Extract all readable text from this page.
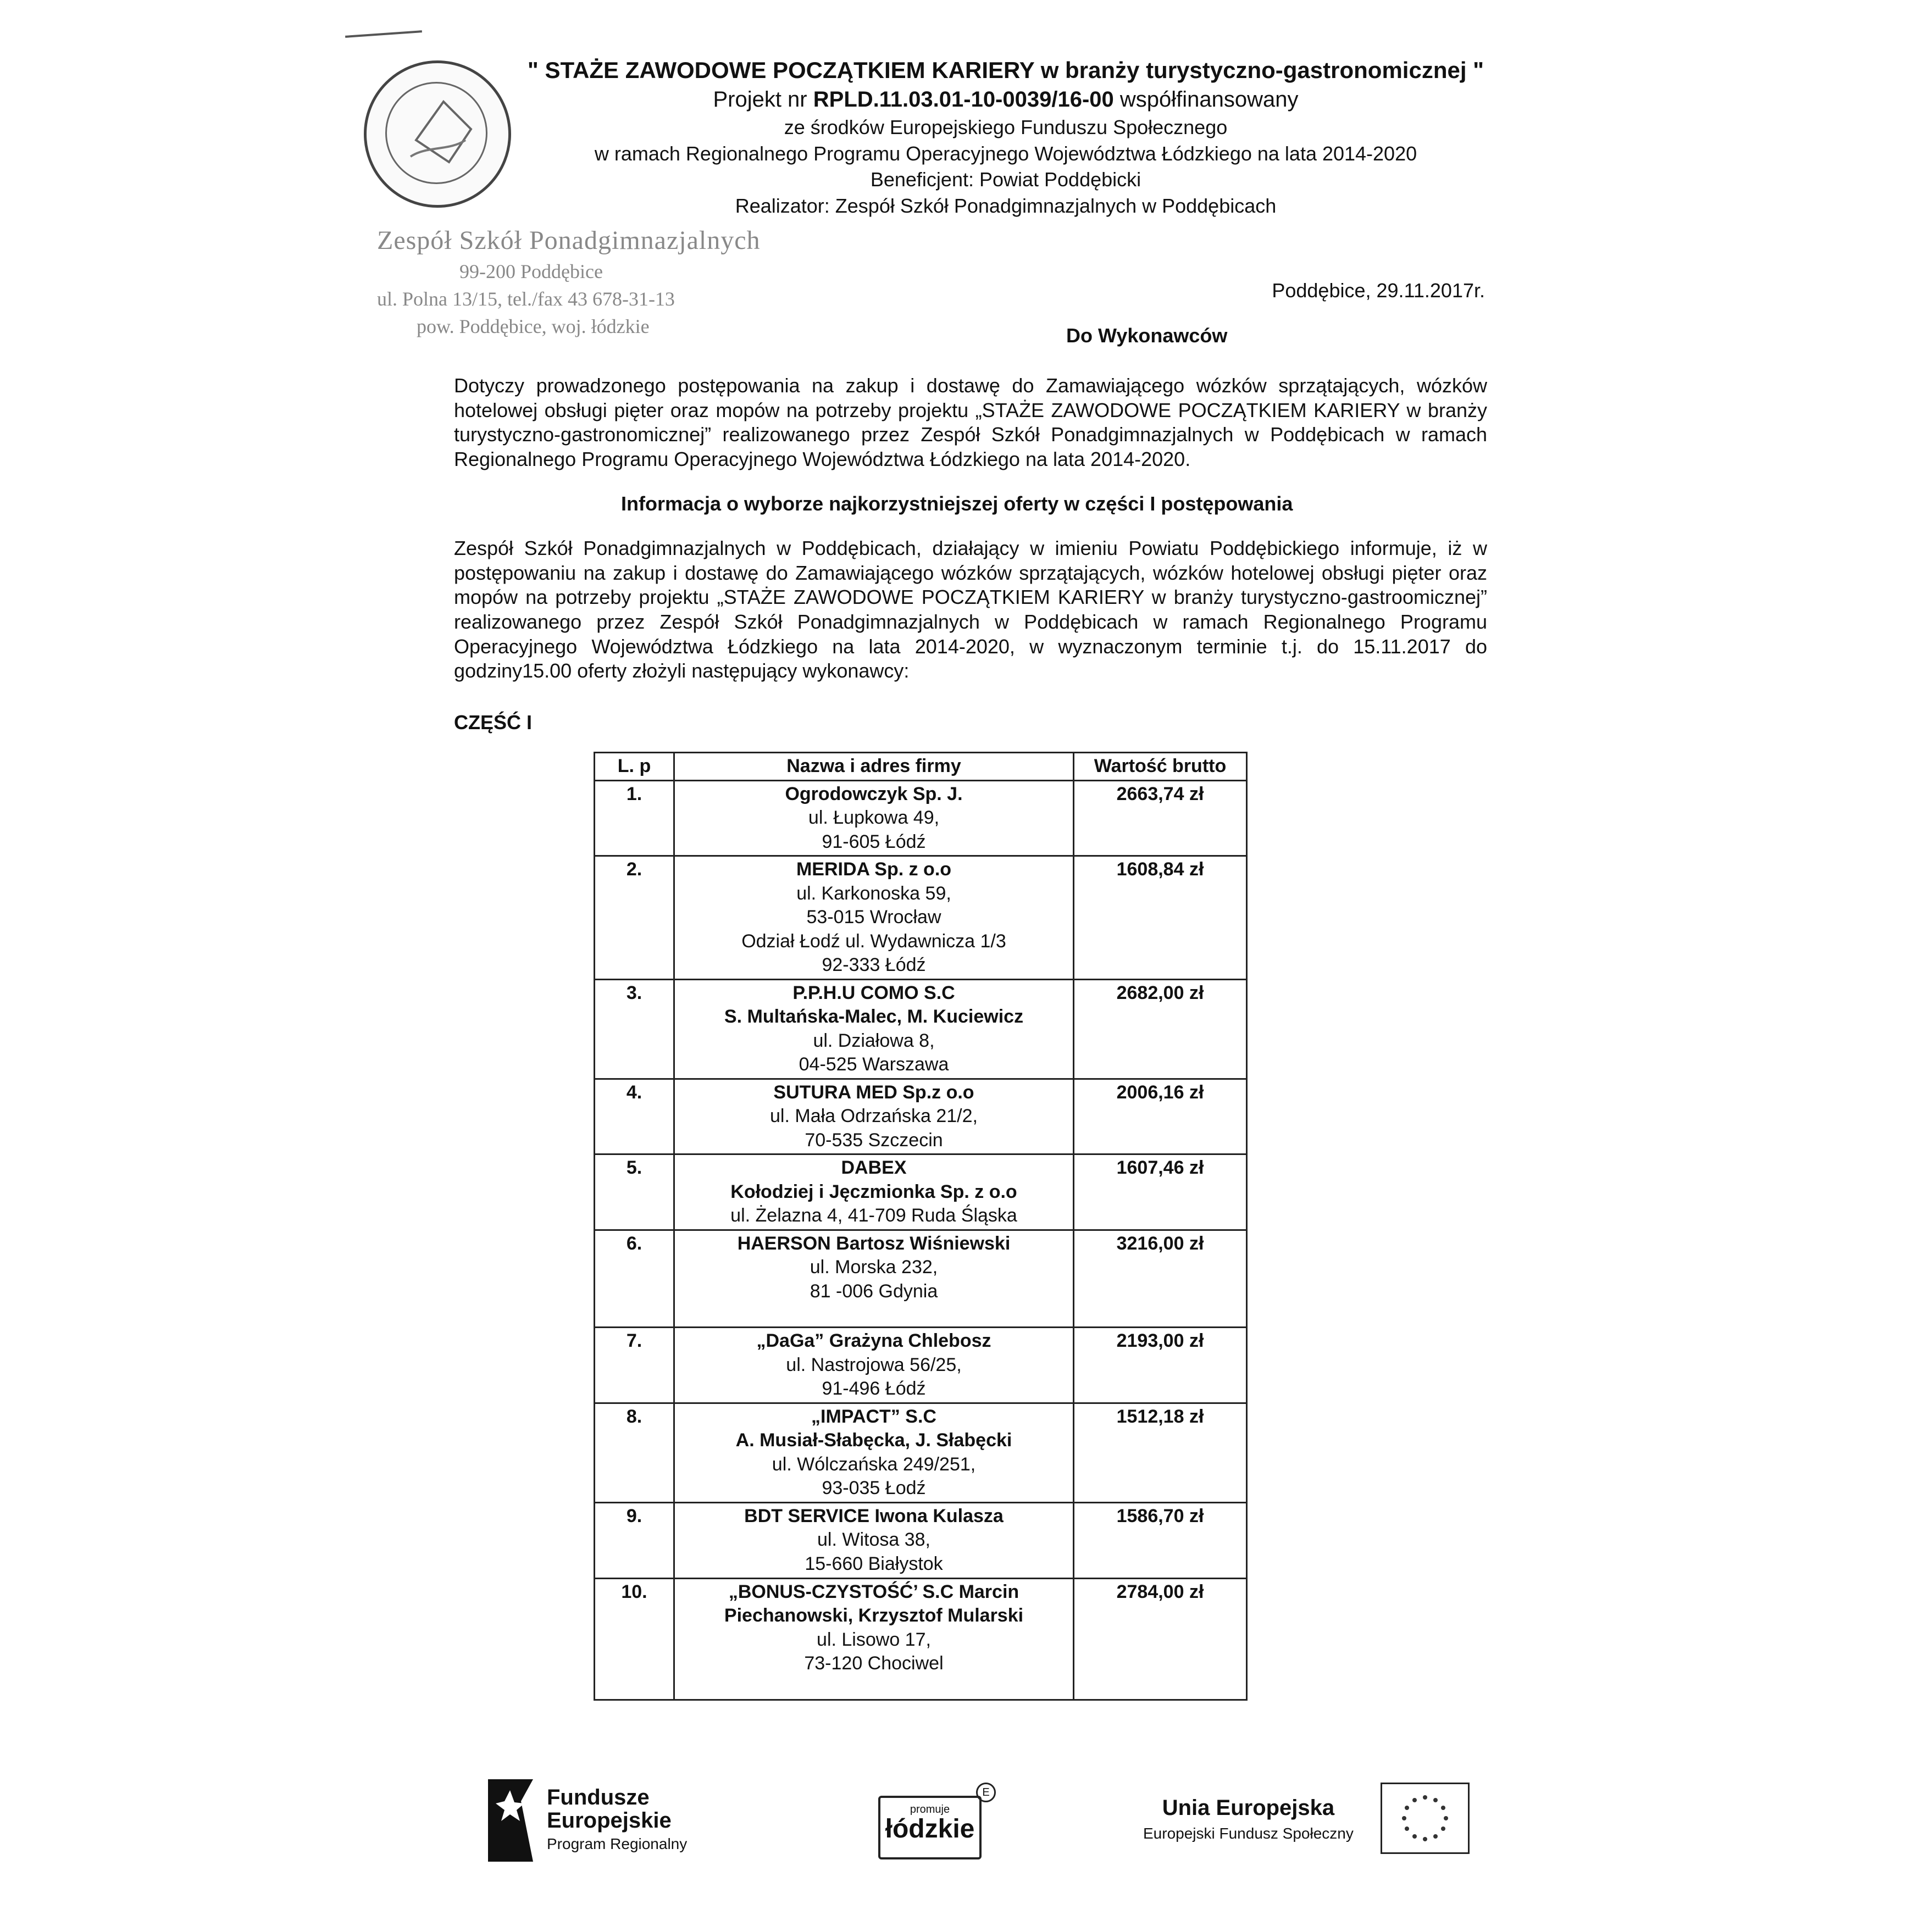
" STAŻE ZAWODOWE POCZĄTKIEM KARIERY w branży turystyczno-gastronomicznej "
Projekt nr RPLD.11.03.01-10-0039/16-00 współfinansowany
ze środków Europejskiego Funduszu Społecznego
w ramach Regionalnego Programu Operacyjnego Województwa Łódzkiego na lata 2014-2020
Beneficjent: Powiat Poddębicki
Realizator: Zespół Szkół Ponadgimnazjalnych w Poddębicach
Zespół Szkół Ponadgimnazjalnych
99-200 Poddębice
ul. Polna 13/15, tel./fax 43 678-31-13
pow. Poddębice, woj. łódzkie
Poddębice, 29.11.2017r.
Do Wykonawców
Dotyczy prowadzonego postępowania na zakup i dostawę do Zamawiającego wózków sprzątających, wózków hotelowej obsługi pięter oraz mopów na potrzeby projektu „STAŻE ZAWODOWE POCZĄTKIEM KARIERY w branży turystyczno-gastronomicznej” realizowanego przez Zespół Szkół Ponadgimnazjalnych w Poddębicach w ramach Regionalnego Programu Operacyjnego Województwa Łódzkiego na lata 2014-2020.
Informacja o wyborze najkorzystniejszej oferty w części I postępowania
Zespół Szkół Ponadgimnazjalnych w Poddębicach, działający w imieniu Powiatu Poddębickiego informuje, iż w postępowaniu na zakup i dostawę do Zamawiającego wózków sprzątających, wózków hotelowej obsługi pięter oraz mopów na potrzeby projektu „STAŻE ZAWODOWE POCZĄTKIEM KARIERY w branży turystyczno-gastroomicznej” realizowanego przez Zespół Szkół Ponadgimnazjalnych w Poddębicach w ramach Regionalnego Programu Operacyjnego Województwa Łódzkiego na lata 2014-2020, w wyznaczonym terminie t.j. do 15.11.2017 do godziny15.00 oferty złożyli następujący wykonawcy:
CZĘŚĆ I
L. p	Nazwa i adres firmy	Wartość brutto
1.	Ogrodowczyk Sp. J.
ul. Łupkowa 49,
91-605 Łódź	2663,74 zł
2.	MERIDA Sp. z o.o
ul. Karkonoska 59,
53-015 Wrocław
Odział Łodź ul. Wydawnicza 1/3
92-333 Łódź	1608,84 zł
3.	P.P.H.U COMO S.C
S. Multańska-Malec, M. Kuciewicz
ul. Działowa 8,
04-525 Warszawa	2682,00 zł
4.	SUTURA MED Sp.z o.o
ul. Mała Odrzańska 21/2,
70-535 Szczecin	2006,16 zł
5.	DABEX
Kołodziej i Jęczmionka Sp. z o.o
ul. Żelazna 4, 41-709 Ruda Śląska	1607,46 zł
6.	HAERSON Bartosz Wiśniewski
ul. Morska 232,
81 -006 Gdynia	3216,00 zł
7.	„DaGa” Grażyna Chlebosz
ul. Nastrojowa 56/25,
91-496 Łódź	2193,00 zł
8.	„IMPACT” S.C
A. Musiał-Słabęcka, J. Słabęcki
ul. Wólczańska 249/251,
93-035 Łodź	1512,18 zł
9.	BDT SERVICE Iwona Kulasza
ul. Witosa 38,
15-660 Białystok	1586,70 zł
10.	„BONUS-CZYSTOŚĆ’ S.C Marcin
Piechanowski, Krzysztof Mularski
ul. Lisowo 17,
73-120 Chociwel	2784,00 zł
Fundusze
Europejskie
Program Regionalny
promuje
łódzkie
E
Unia Europejska
Europejski Fundusz Społeczny
